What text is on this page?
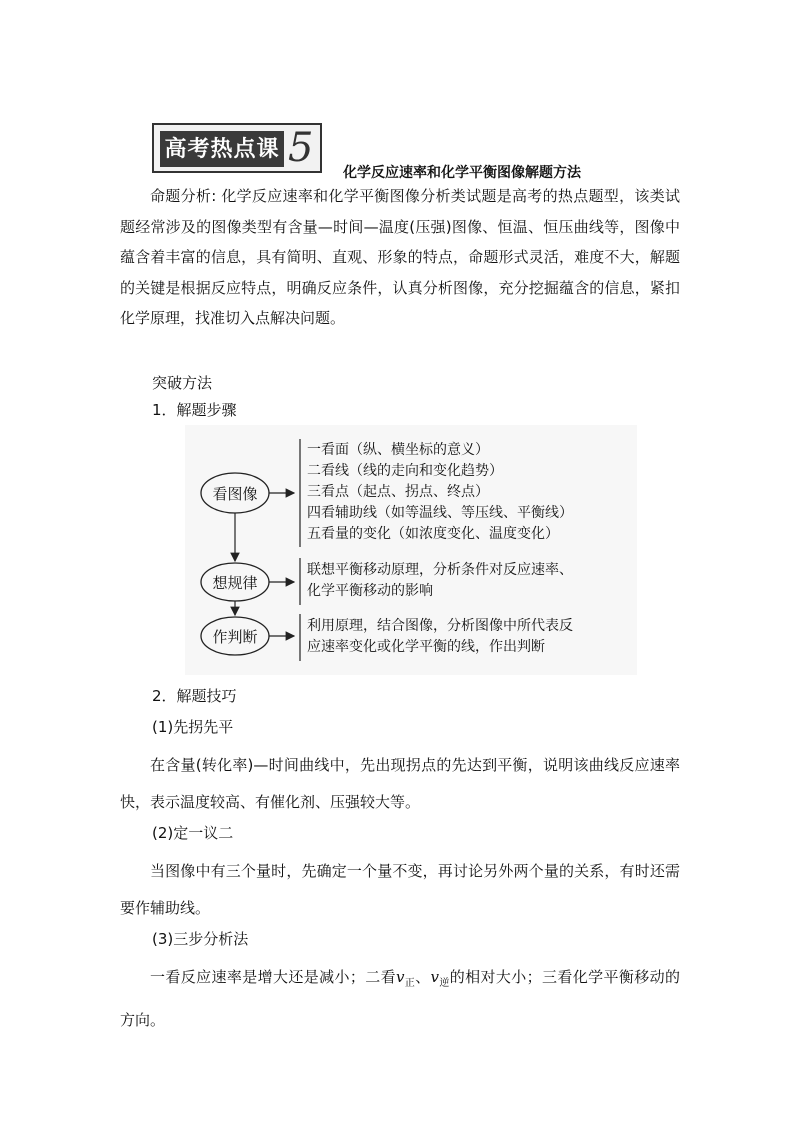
高考热点课 5
化学反应速率和化学平衡图像解题方法
命题分析: 化学反应速率和化学平衡图像分析类试题是高考的热点题型，该类试题经常涉及的图像类型有含量—时间—温度(压强)图像、恒温、恒压曲线等，图像中蕴含着丰富的信息，具有简明、直观、形象的特点，命题形式灵活，难度不大，解题的关键是根据反应特点，明确反应条件，认真分析图像，充分挖掘蕴含的信息，紧扣化学原理，找准切入点解决问题。
突破方法
1．解题步骤
看图像
想规律
作判断
一看面（纵、横坐标的意义）
二看线（线的走向和变化趋势）
三看点（起点、拐点、终点）
四看辅助线（如等温线、等压线、平衡线）
五看量的变化（如浓度变化、温度变化）
联想平衡移动原理，分析条件对反应速率、
化学平衡移动的影响
利用原理，结合图像，分析图像中所代表反
应速率变化或化学平衡的线，作出判断
2．解题技巧
(1)先拐先平
在含量(转化率)—时间曲线中，先出现拐点的先达到平衡，说明该曲线反应速率快，表示温度较高、有催化剂、压强较大等。
(2)定一议二
当图像中有三个量时，先确定一个量不变，再讨论另外两个量的关系，有时还需要作辅助线。
(3)三步分析法
一看反应速率是增大还是减小；二看$v_正$、$v_逆$的相对大小；三看化学平衡移动的方向。
